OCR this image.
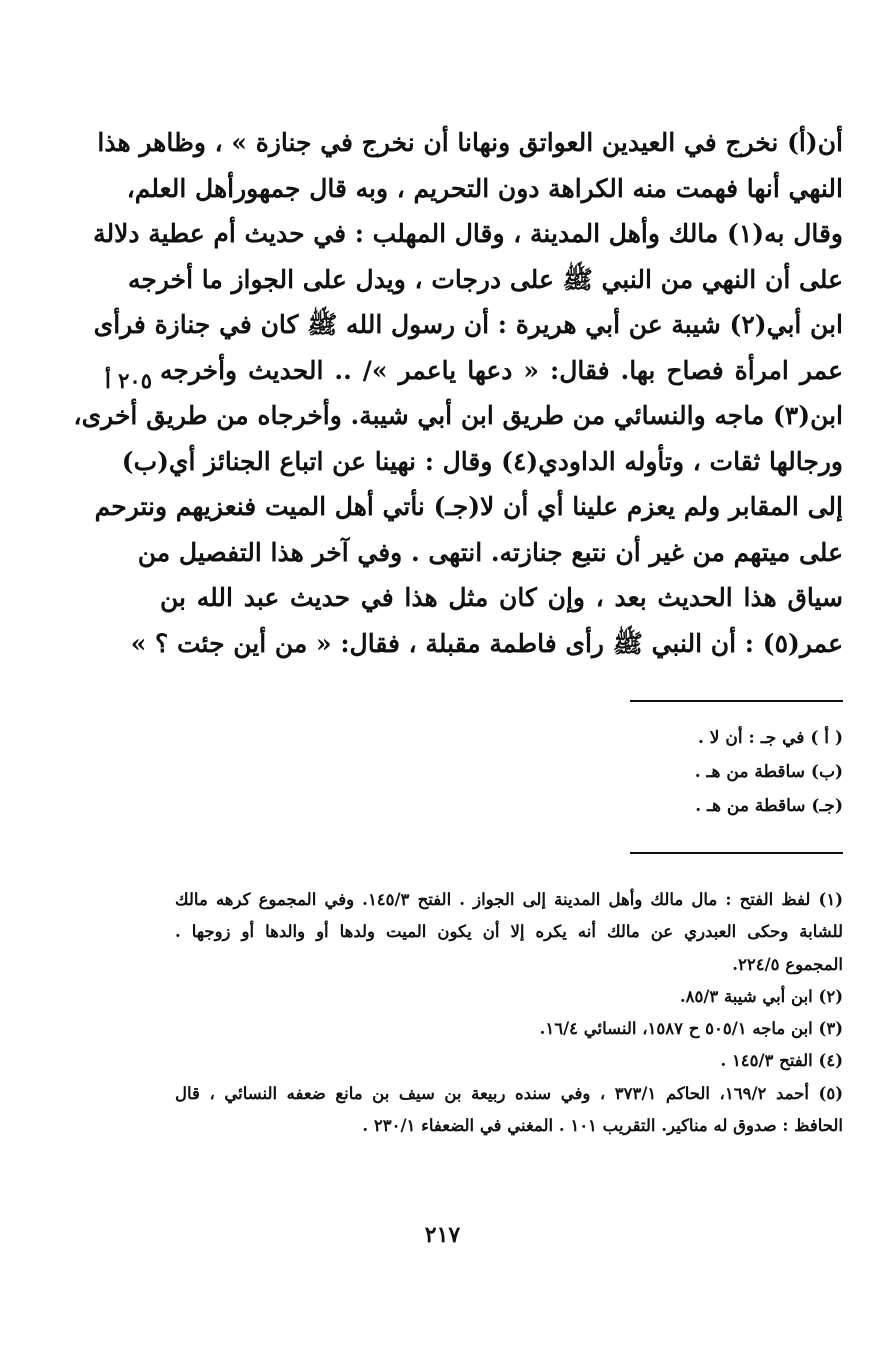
أن(أ) نخرج في العيدين العواتق ونهانا أن نخرج في جنازة » ، وظاهر هذا
النهي أنها فهمت منه الكراهة دون التحريم ، وبه قال جمهورأهل العلم،
وقال به(١) مالك وأهل المدينة ، وقال المهلب : في حديث أم عطية دلالة
على أن النهي من النبي ﷺ على درجات ، ويدل على الجواز ما أخرجه
ابن أبي(٢) شيبة عن أبي هريرة : أن رسول الله ﷺ كان في جنازة فرأى
عمر امرأة فصاح بها. فقال: « دعها ياعمر »/ .. الحديث وأخرجه
ابن(٣) ماجه والنسائي من طريق ابن أبي شيبة. وأخرجاه من طريق أخرى،
ورجالها ثقات ، وتأوله الداودي(٤) وقال : نهينا عن اتباع الجنائز أي(ب)
إلى المقابر ولم يعزم علينا أي أن لا(جـ) نأتي أهل الميت فنعزيهم ونترحم
على ميتهم من غير أن نتبع جنازته. انتهى . وفي آخر هذا التفصيل من
سياق هذا الحديث بعد ، وإن كان مثل هذا في حديث عبد الله بن
عمر(٥) : أن النبي ﷺ رأى فاطمة مقبلة ، فقال: « من أين جئت ؟ »
٢٠٥ أ
( أ ) في جـ : أن لا .
(ب) ساقطة من هـ .
(جـ) ساقطة من هـ .
(١) لفظ الفتح : مال مالك وأهل المدينة إلى الجواز . الفتح ١٤٥/٣. وفي المجموع كرهه مالك
للشابة وحكى العبدري عن مالك أنه يكره إلا أن يكون الميت ولدها أو والدها أو زوجها .
المجموع ٢٢٤/٥.
(٢) ابن أبي شيبة ٨٥/٣.
(٣) ابن ماجه ٥٠٥/١ ح ١٥٨٧، النسائي ١٦/٤.
(٤) الفتح ١٤٥/٣ .
(٥) أحمد ١٦٩/٢، الحاكم ٣٧٣/١ ، وفي سنده ربيعة بن سيف بن مانع ضعفه النسائي ، قال
الحافظ : صدوق له مناكير. التقريب ١٠١ . المغني في الضعفاء ٢٣٠/١ .
٢١٧
